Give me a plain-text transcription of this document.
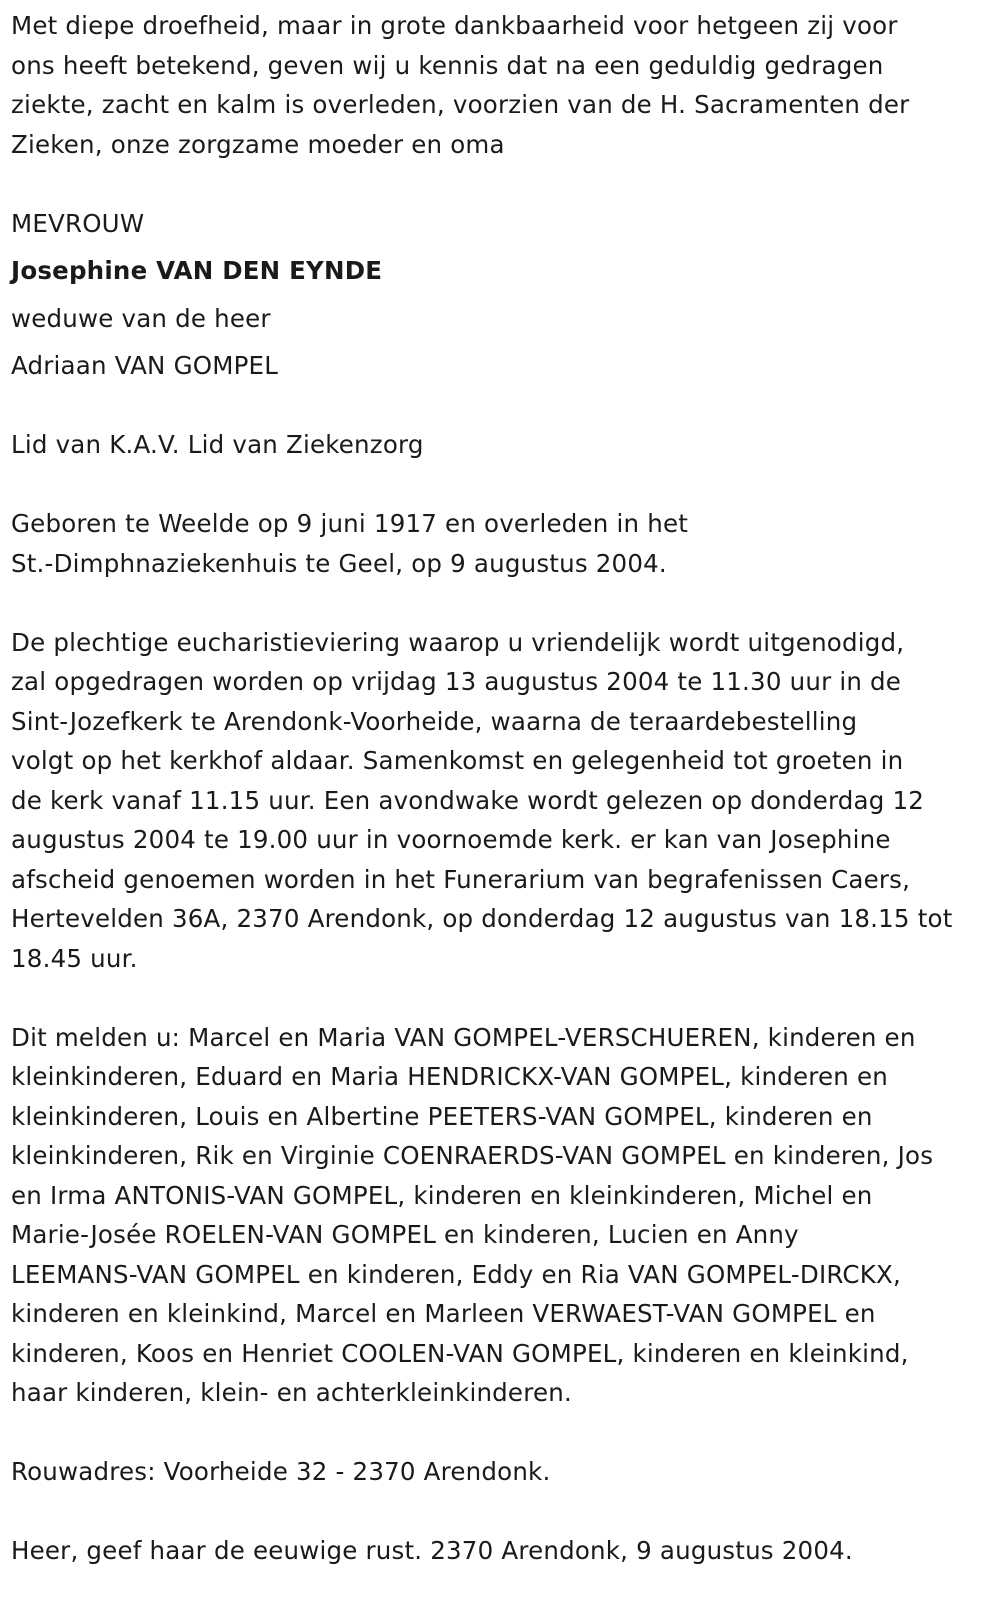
Met diepe droefheid, maar in grote dankbaarheid voor hetgeen zij voor
ons heeft betekend, geven wij u kennis dat na een geduldig gedragen
ziekte, zacht en kalm is overleden, voorzien van de H. Sacramenten der
Zieken, onze zorgzame moeder en oma

MEVROUW

Josephine VAN DEN EYNDE

weduwe van de heer

Adriaan VAN GOMPEL

Lid van K.A.V. Lid van Ziekenzorg

Geboren te Weelde op 9 juni 1917 en overleden in het
St.-Dimphnaziekenhuis te Geel, op 9 augustus 2004.

De plechtige eucharistieviering waarop u vriendelijk wordt uitgenodigd,
zal opgedragen worden op vrijdag 13 augustus 2004 te 11.30 uur in de
Sint-Jozefkerk te Arendonk-Voorheide, waarna de teraardebestelling
volgt op het kerkhof aldaar. Samenkomst en gelegenheid tot groeten in
de kerk vanaf 11.15 uur. Een avondwake wordt gelezen op donderdag 12
augustus 2004 te 19.00 uur in voornoemde kerk. er kan van Josephine
afscheid genoemen worden in het Funerarium van begrafenissen Caers,
Hertevelden 36A, 2370 Arendonk, op donderdag 12 augustus van 18.15 tot
18.45 uur.

Dit melden u: Marcel en Maria VAN GOMPEL-VERSCHUEREN, kinderen en
kleinkinderen, Eduard en Maria HENDRICKX-VAN GOMPEL, kinderen en
kleinkinderen, Louis en Albertine PEETERS-VAN GOMPEL, kinderen en
kleinkinderen, Rik en Virginie COENRAERDS-VAN GOMPEL en kinderen, Jos
en Irma ANTONIS-VAN GOMPEL, kinderen en kleinkinderen, Michel en
Marie-Josée ROELEN-VAN GOMPEL en kinderen, Lucien en Anny
LEEMANS-VAN GOMPEL en kinderen, Eddy en Ria VAN GOMPEL-DIRCKX,
kinderen en kleinkind, Marcel en Marleen VERWAEST-VAN GOMPEL en
kinderen, Koos en Henriet COOLEN-VAN GOMPEL, kinderen en kleinkind,
haar kinderen, klein- en achterkleinkinderen.

Rouwadres: Voorheide 32 - 2370 Arendonk.

Heer, geef haar de eeuwige rust. 2370 Arendonk, 9 augustus 2004.
